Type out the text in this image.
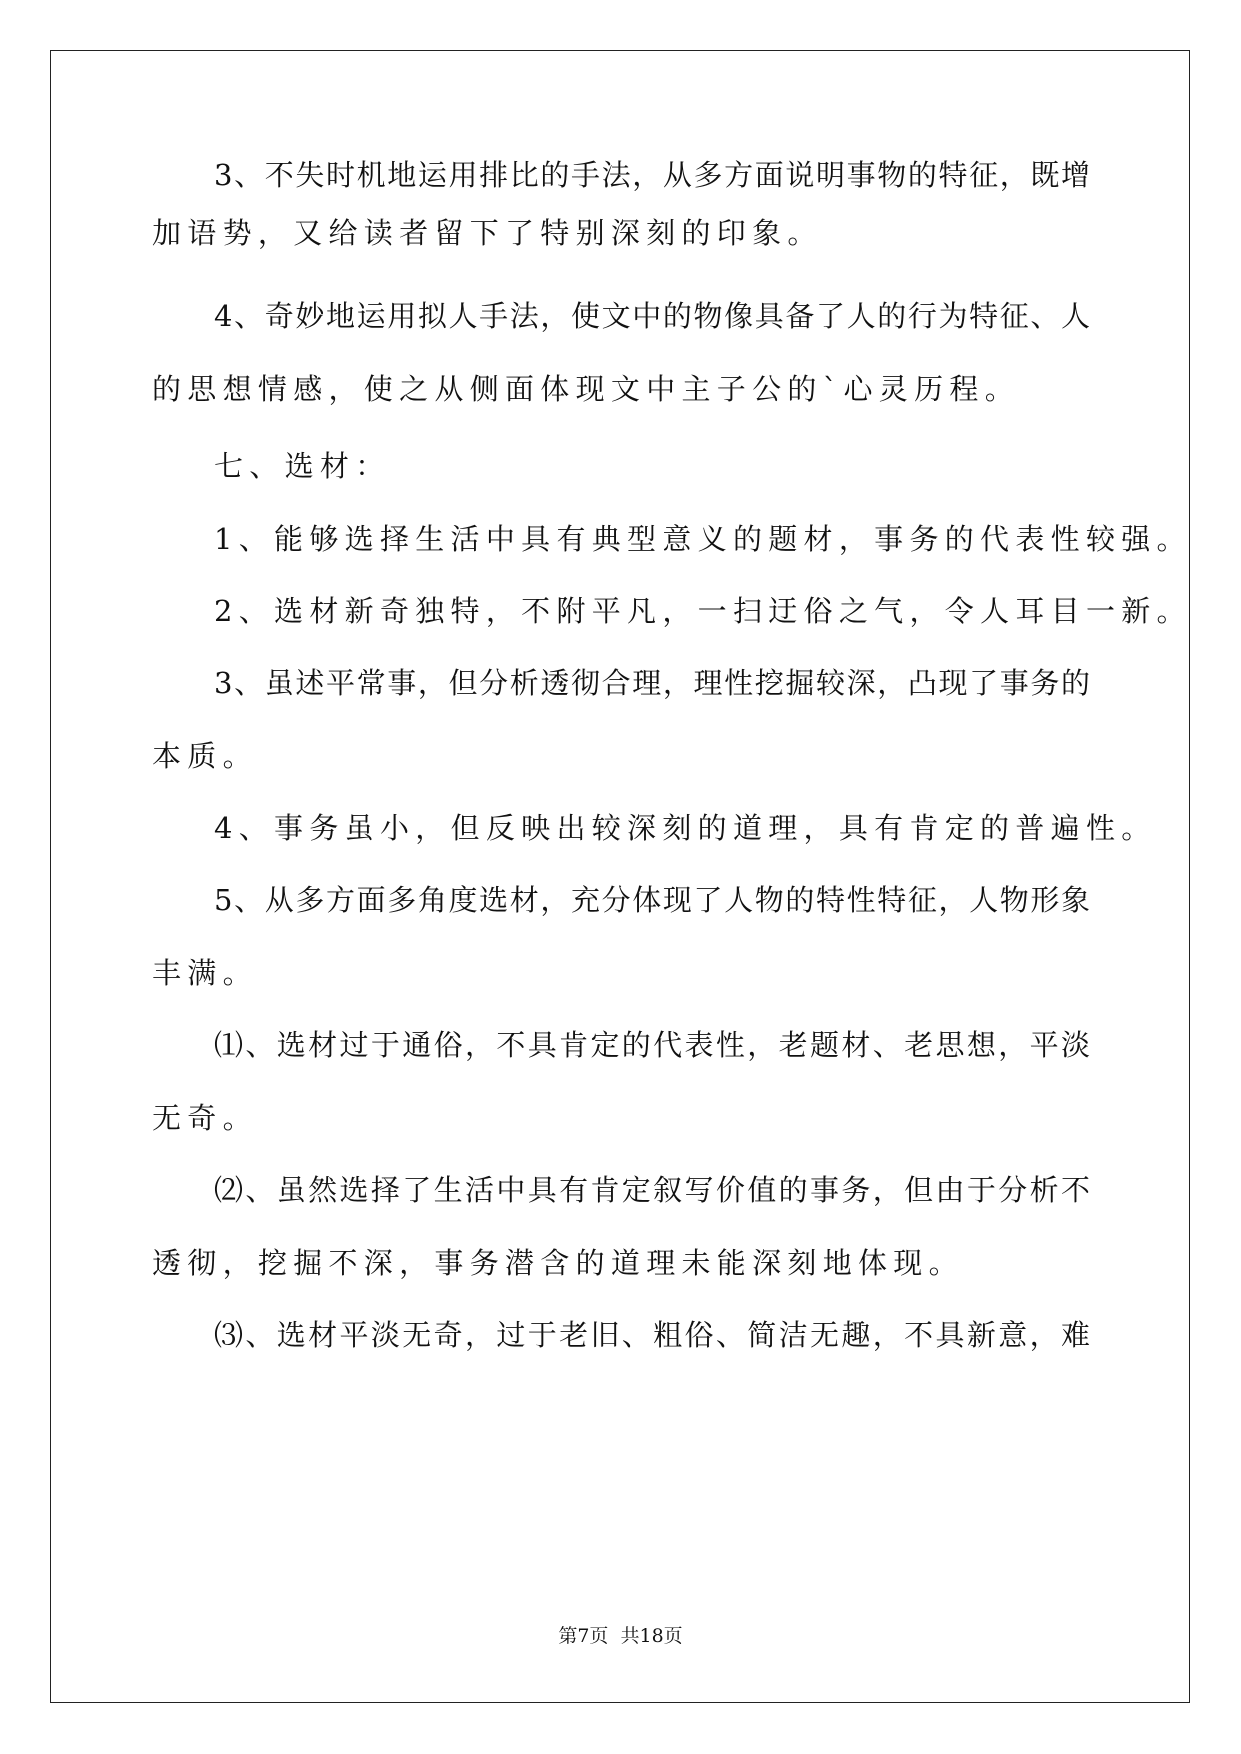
3、不失时机地运用排比的手法，从多方面说明事物的特征，既增
加语势，又给读者留下了特别深刻的印象。
4、奇妙地运用拟人手法，使文中的物像具备了人的行为特征、人
的思想情感，使之从侧面体现文中主子公的`心灵历程。
七、选材：
1、能够选择生活中具有典型意义的题材，事务的代表性较强。
2、选材新奇独特，不附平凡，一扫迂俗之气，令人耳目一新。
3、虽述平常事，但分析透彻合理，理性挖掘较深，凸现了事务的
本质。
4、事务虽小，但反映出较深刻的道理，具有肯定的普遍性。
5、从多方面多角度选材，充分体现了人物的特性特征，人物形象
丰满。
⑴、选材过于通俗，不具肯定的代表性，老题材、老思想，平淡
无奇。
⑵、虽然选择了生活中具有肯定叙写价值的事务，但由于分析不
透彻，挖掘不深，事务潜含的道理未能深刻地体现。
⑶、选材平淡无奇，过于老旧、粗俗、简洁无趣，不具新意，难
第7页  共18页
